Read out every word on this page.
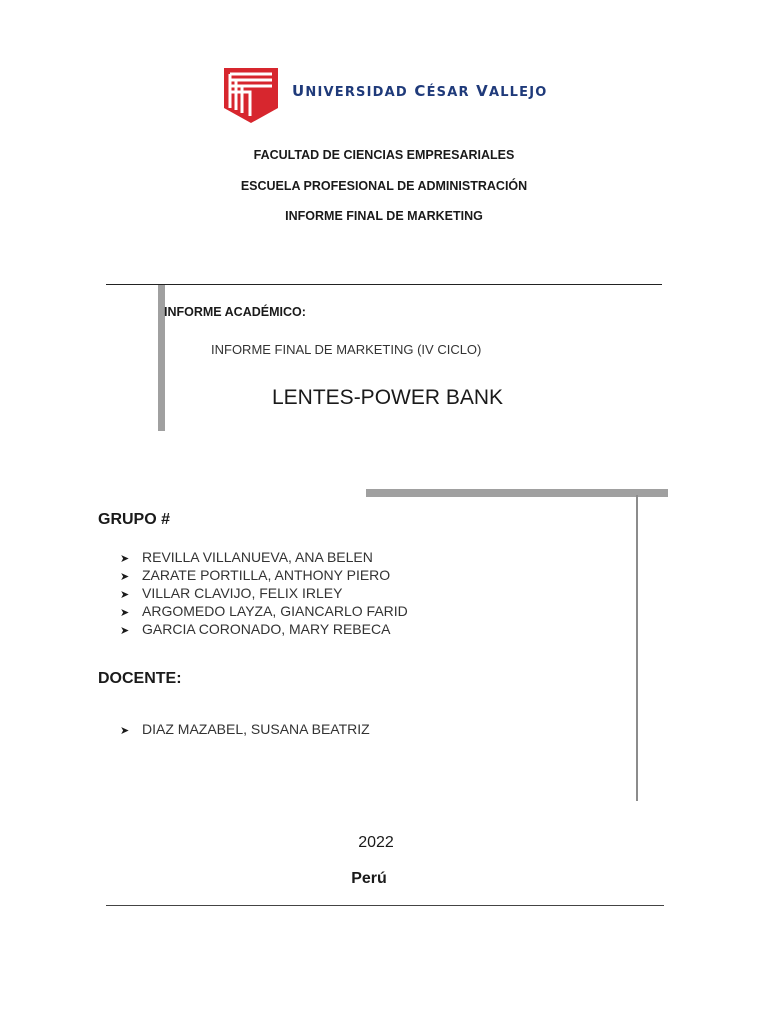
UNIVERSIDAD CÉSAR VALLEJO
FACULTAD DE CIENCIAS EMPRESARIALES
ESCUELA PROFESIONAL DE ADMINISTRACIÓN
INFORME FINAL DE MARKETING
INFORME ACADÉMICO:
INFORME FINAL DE MARKETING (IV CICLO)
LENTES-POWER BANK
GRUPO #
➤ REVILLA VILLANUEVA, ANA BELEN
➤ ZARATE PORTILLA, ANTHONY PIERO
➤ VILLAR CLAVIJO, FELIX IRLEY
➤ ARGOMEDO LAYZA, GIANCARLO FARID
➤ GARCIA CORONADO, MARY REBECA
DOCENTE:
➤ DIAZ MAZABEL, SUSANA BEATRIZ
2022
Perú
